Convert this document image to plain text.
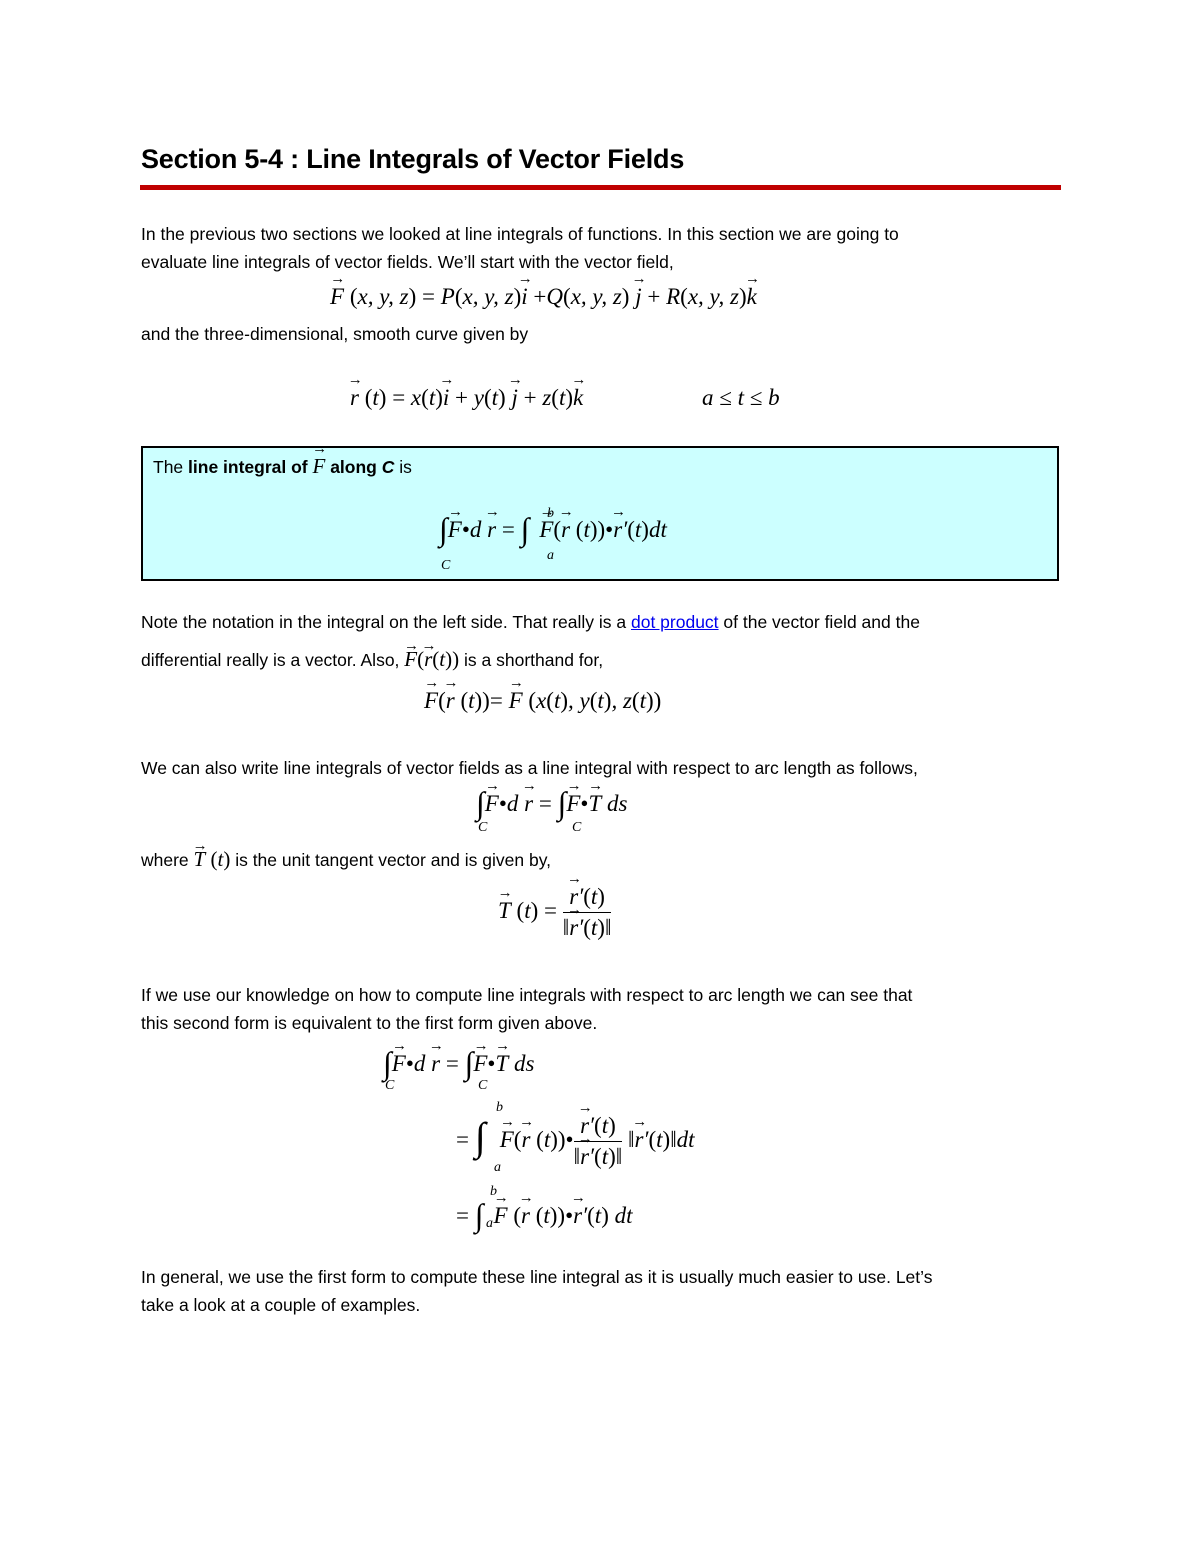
Section 5-4 : Line Integrals of Vector Fields
In the previous two sections we looked at line integrals of functions. In this section we are going to
evaluate line integrals of vector fields. We’ll start with the vector field,
→ F (x, y, z) = P(x, y, z)→ i +Q(x, y, z) → j + R(x, y, z)→ k
and the three-dimensional, smooth curve given by
→ r (t) = x(t)→ i + y(t) → j + z(t)→ k	a ≤ t ≤ b
The line integral of → F along C is
∫→ F•d → r = ∫ → F(→ r (t))•→ r′(t)dt
C
b
a
Note the notation in the integral on the left side. That really is a dot product of the vector field and the
differential really is a vector. Also, → F(→ r(t)) is a shorthand for,
→ F(→ r (t))= → F (x(t), y(t), z(t))
We can also write line integrals of vector fields as a line integral with respect to arc length as follows,
∫→ F•d → r = ∫→ F•→ T ds
C	C
where → T (t) is the unit tangent vector and is given by,
→ T (t) = → $\frac{r'(t)}{‖\to r'(t)‖}$
If we use our knowledge on how to compute line integrals with respect to arc length we can see that
this second form is equivalent to the first form given above.
∫→ F•d → r = ∫→ F•→ T ds
C	C
= ∫ → F(→ r (t))• → $\frac{r'(t)}{‖\to r'(t)‖}$ ‖→ r′(t)‖dt
b
a
= ∫ → F (→ r (t))•→ r′(t) dt
b
a
In general, we use the first form to compute these line integral as it is usually much easier to use. Let’s
take a look at a couple of examples.
